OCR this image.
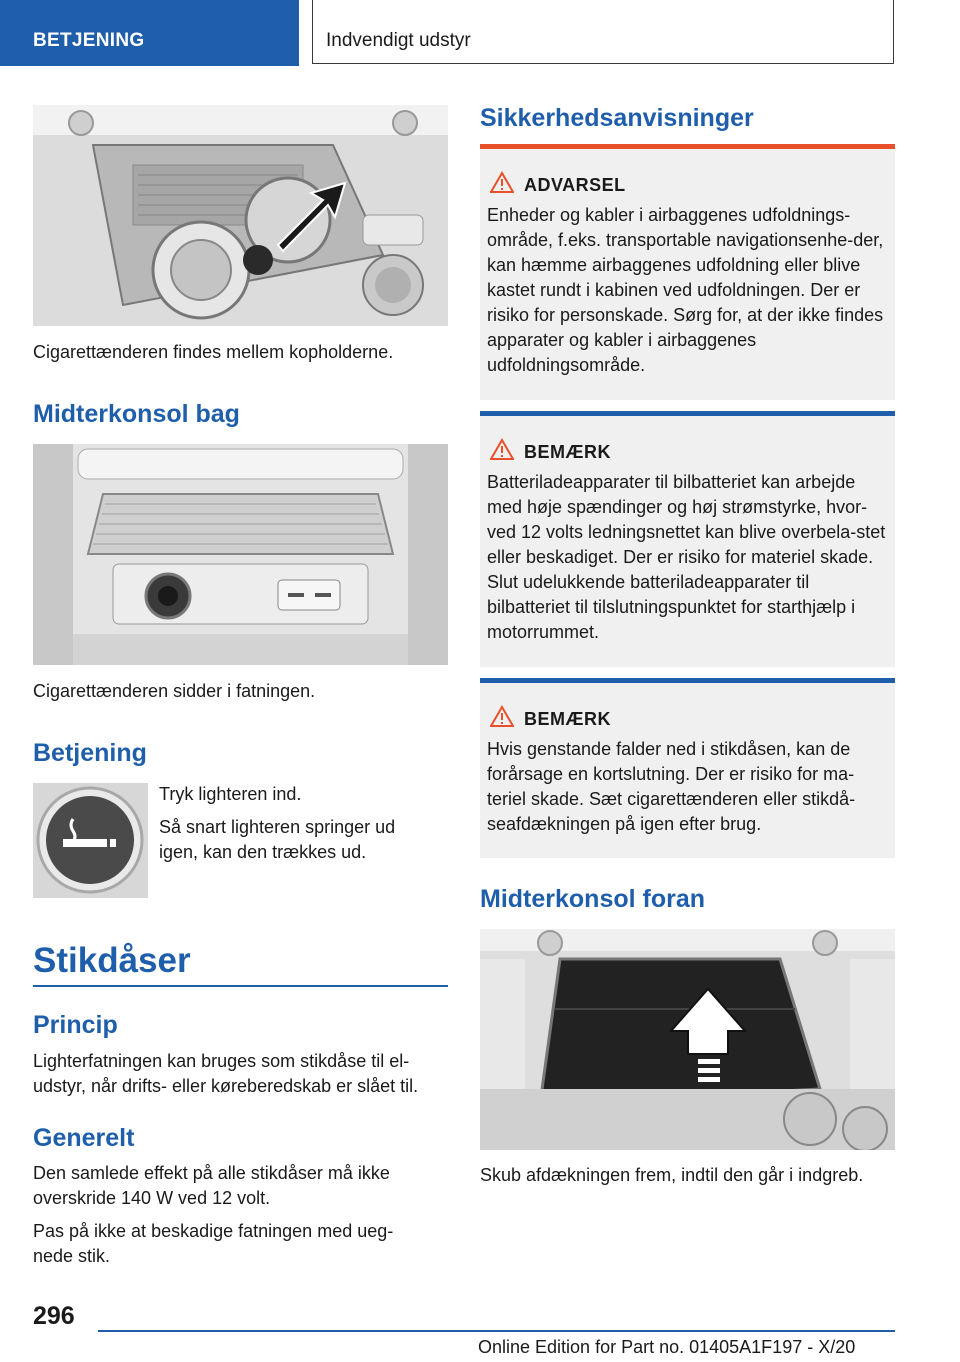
BETJENING	Indvendigt udstyr
Cigarettænderen findes mellem kopholderne.
Midterkonsol bag
Cigarettænderen sidder i fatningen.
Betjening
Tryk lighteren ind.
Så snart lighteren springer ud igen, kan den trækkes ud.
Stikdåser
Princip
Lighterfatningen kan bruges som stikdåse til el-udstyr, når drifts- eller køreberedskab er slået til.
Generelt
Den samlede effekt på alle stikdåser må ikke overskride 140 W ved 12 volt.
Pas på ikke at beskadige fatningen med ueg-nede stik.
Sikkerhedsanvisninger
ADVARSEL
Enheder og kabler i airbaggenes udfoldnings-område, f.eks. transportable navigationsenhe-der, kan hæmme airbaggenes udfoldning eller blive kastet rundt i kabinen ved udfoldningen. Der er risiko for personskade. Sørg for, at der ikke findes apparater og kabler i airbaggenes udfoldningsområde.
BEMÆRK
Batteriladeapparater til bilbatteriet kan arbejde med høje spændinger og høj strømstyrke, hvor-ved 12 volts ledningsnettet kan blive overbela-stet eller beskadiget. Der er risiko for materiel skade. Slut udelukkende batteriladeapparater til bilbatteriet til tilslutningspunktet for starthjælp i motorrummet.
BEMÆRK
Hvis genstande falder ned i stikdåsen, kan de forårsage en kortslutning. Der er risiko for ma-teriel skade. Sæt cigarettænderen eller stikdå-seafdækningen på igen efter brug.
Midterkonsol foran
Skub afdækningen frem, indtil den går i indgreb.
296
Online Edition for Part no. 01405A1F197 - X/20
